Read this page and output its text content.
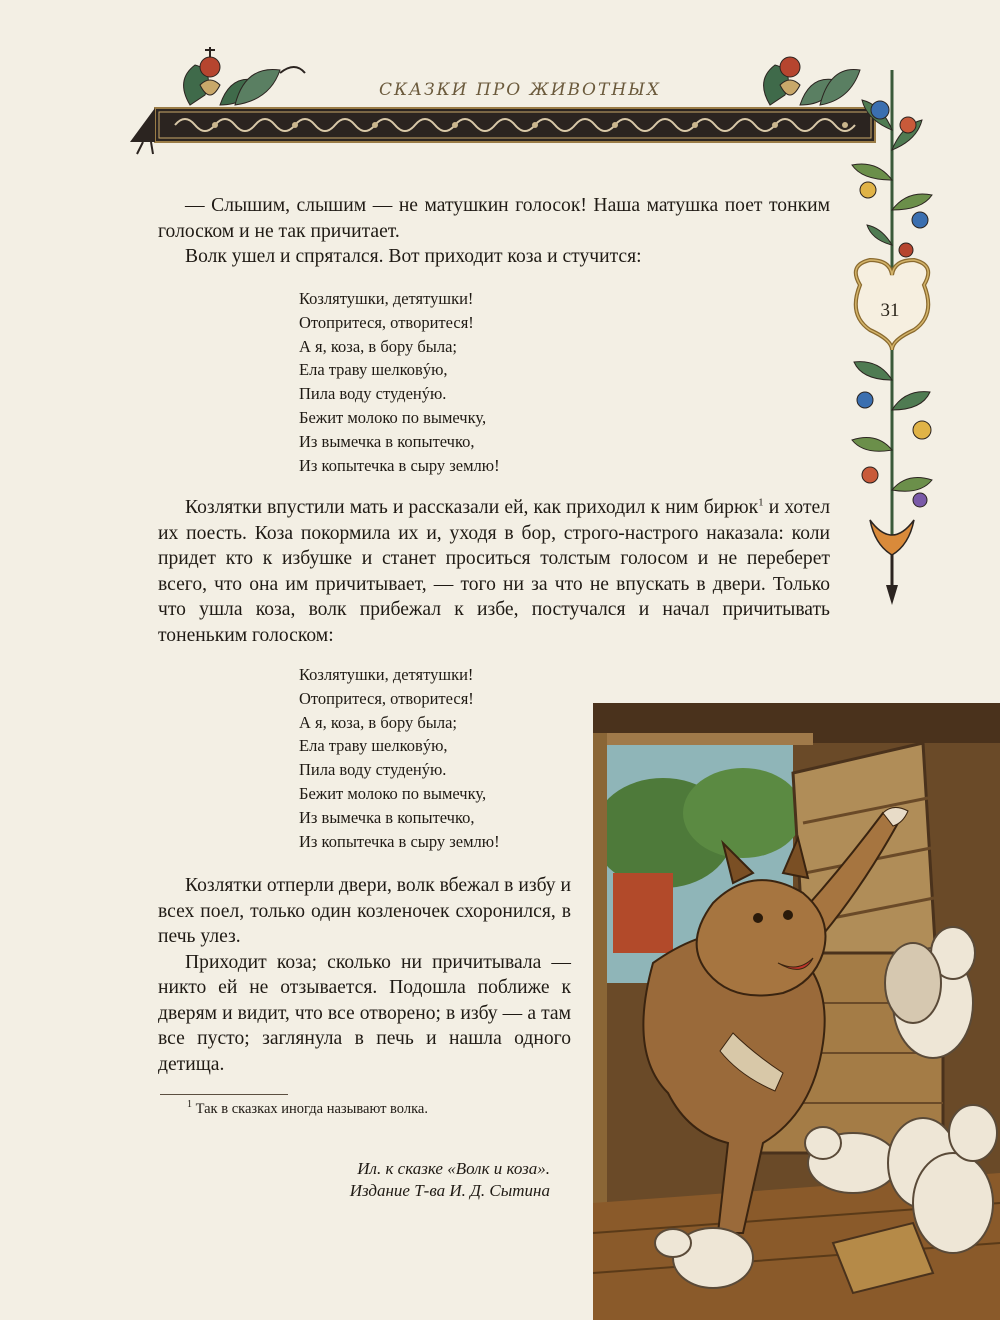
СКАЗКИ ПРО ЖИВОТНЫХ
31

— Слышим, слышим — не матушкин голосок! Наша матушка поет тонким голоском и не так причитает.

Волк ушел и спрятался. Вот приходит коза и стучится:

Козлятушки, детятушки!
Отопритеся, отворитеся!
А я, коза, в бору была;
Ела траву шелковýю,
Пила воду студенýю.
Бежит молоко по вымечку,
Из вымечка в копытечко,
Из копытечка в сыру землю!

Козлятки впустили мать и рассказали ей, как приходил к ним бирюк$^1$ и хотел их поесть. Коза покормила их и, уходя в бор, строго-настрого наказала: коли придет кто к избушке и станет проситься толстым голосом и не переберет всего, что она им причитывает, — того ни за что не впускать в двери. Только что ушла коза, волк прибежал к избе, постучался и начал причитывать тоненьким голоском:

Козлятушки, детятушки!
Отопритеся, отворитеся!
А я, коза, в бору была;
Ела траву шелковýю,
Пила воду студенýю.
Бежит молоко по вымечку,
Из вымечка в копытечко,
Из копытечка в сыру землю!

Козлятки отперли двери, волк вбежал в избу и всех поел, только один козленочек схоронился, в печь улез.

Приходит коза; сколько ни причитывала — никто ей не отзывается. Подошла поближе к дверям и видит, что все отворено; в избу — а там все пусто; заглянула в печь и нашла одного детища.

$^1$ Так в сказках иногда называют волка.
Ил. к сказке «Волк и коза».
Издание Т-ва И. Д. Сытина
